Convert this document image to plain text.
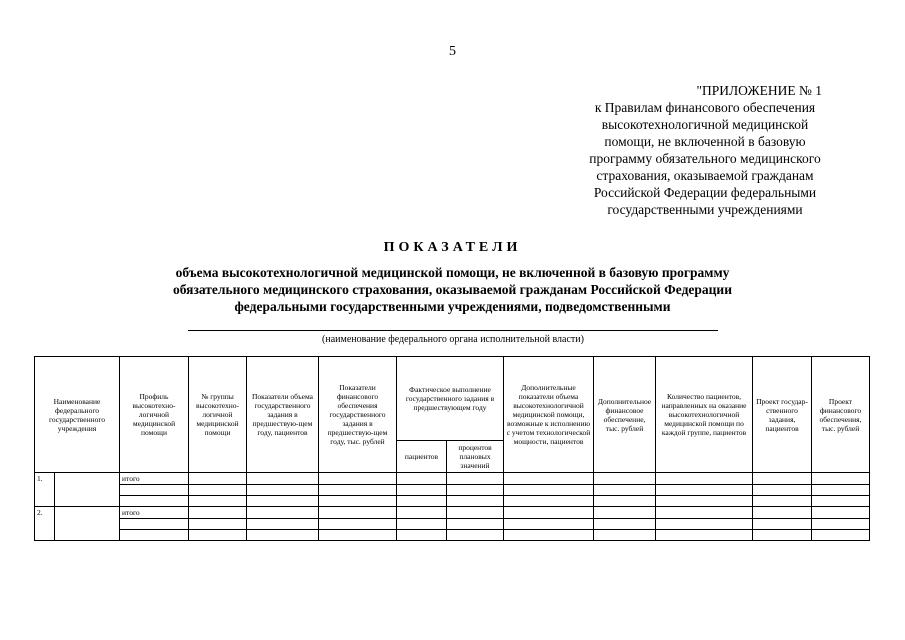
5
"ПРИЛОЖЕНИЕ № 1
к Правилам финансового обеспечения
высокотехнологичной медицинской
помощи, не включенной в базовую
программу обязательного медицинского
страхования, оказываемой гражданам
Российской Федерации федеральными
государственными учреждениями
ПОКАЗАТЕЛИ
объема высокотехнологичной медицинской помощи, не включенной в базовую программу
обязательного медицинского страхования, оказываемой гражданам Российской Федерации
федеральными государственными учреждениями, подведомственными
(наименование федерального органа исполнительной власти)
Наименование федерального государственного учреждения		Профиль высокотехно-логичной медицинской помощи	№ группы высокотехно-логичной медицинской помощи	Показатели объема государственного задания в предшествую-щем году, пациентов	Показатели финансового обеспечения государственного задания в предшествую-щем году, тыс. рублей	Фактическое выполнение государственного задания в предшествующем году		Дополнительные показатели объема высокотехнологичной медицинской помощи, возможные к исполнению с учетом технологической мощности, пациентов	Дополнительное финансовое обеспечение, тыс. рублей	Количество пациентов, направленных на оказание высокотехнологичной медицинской помощи по каждой группе, пациентов	Проект государ-ственного задания, пациентов	Проект финансового обеспечения, тыс. рублей
						пациентов	процентов плановых значений					
1.		итого										

2.		итого										
